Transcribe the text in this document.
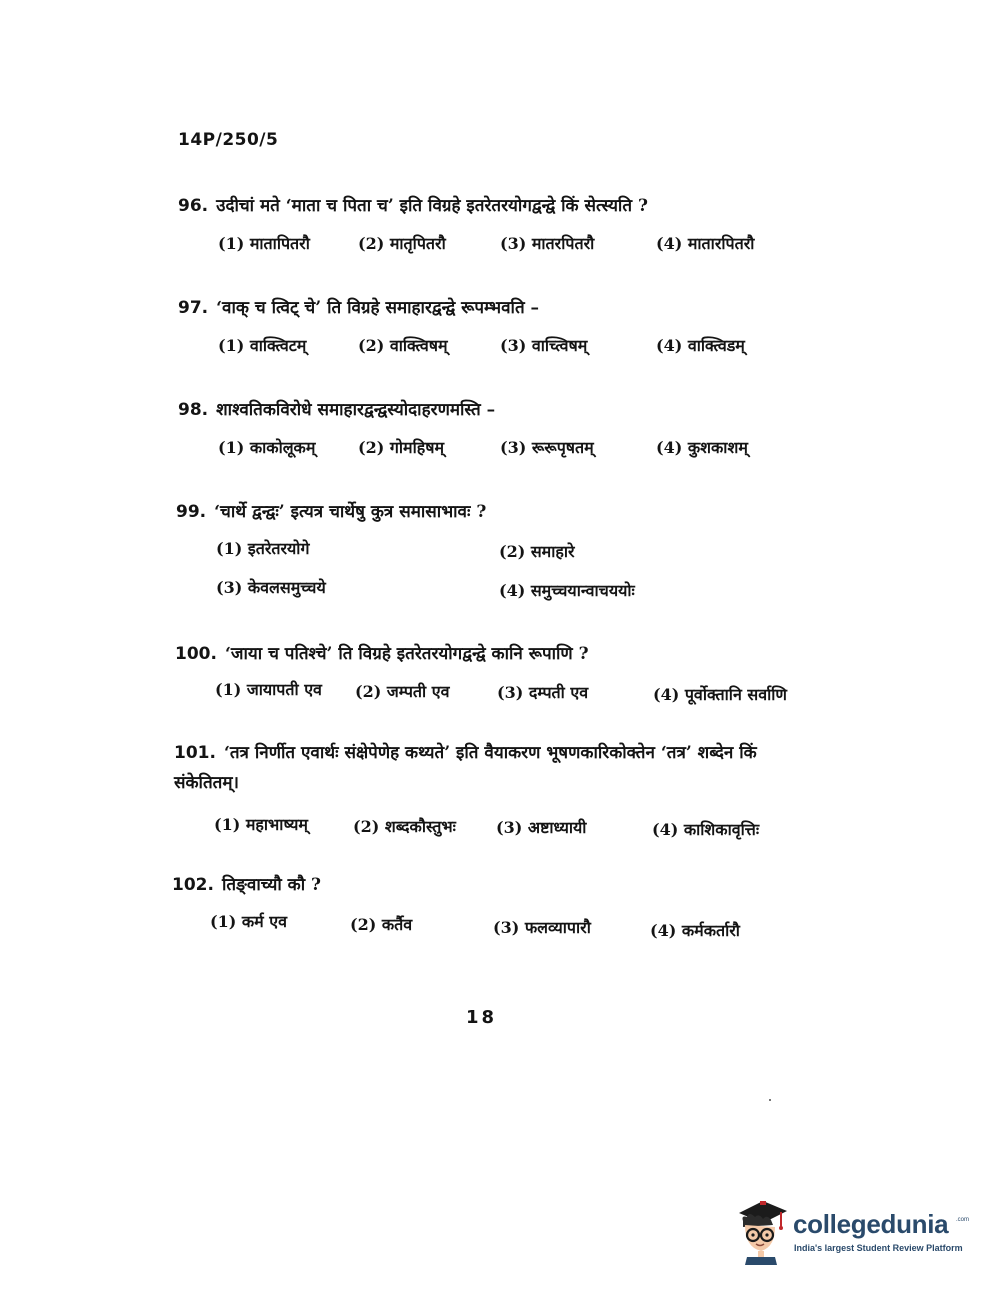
14P/250/5
96. उदीचां मते ‘माता च पिता च’ इति विग्रहे इतरेतरयोगद्वन्द्वे किं सेत्स्यति ?
(1) मातापितरौ	(2) मातृपितरौ	(3) मातरपितरौ	(4) मातारपितरौ
97. ‘वाक् च त्विट् चे’ ति विग्रहे समाहारद्वन्द्वे रूपम्भवति –
(1) वाक्त्विटम्	(2) वाक्त्विषम्	(3) वाच्त्विषम्	(4) वाक्त्विडम्
98. शाश्वतिकविरोधे समाहारद्वन्द्वस्योदाहरणमस्ति –
(1) काकोलूकम्	(2) गोमहिषम्	(3) रूरूपृषतम्	(4) कुशकाशम्
99. ‘चार्थे द्वन्द्वः’ इत्यत्र चार्थेषु कुत्र समासाभावः ?
(1) इतरेतरयोगे	(2) समाहारे
(3) केवलसमुच्चये	(4) समुच्चयान्वाचययोः
100. ‘जाया च पतिश्चे’ ति विग्रहे इतरेतरयोगद्वन्द्वे कानि रूपाणि ?
(1) जायापती एव (2) जम्पती एव	(3) दम्पती एव	(4) पूर्वोक्तानि सर्वाणि
101. ‘तत्र निर्णीत एवार्थः संक्षेपेणेह कथ्यते’ इति वैयाकरण भूषणकारिकोक्तेन ‘तत्र’ शब्देन किं संकेतितम्।
(1) महाभाष्यम्	(2) शब्दकौस्तुभः	(3) अष्टाध्यायी	(4) काशिकावृत्तिः
102. तिङ्वाच्यौ कौ ?
(1) कर्म एव	(2) कर्तैव	(3) फलव्यापारौ	(4) कर्मकर्तारौ
18
collegedunia .com
India's largest Student Review Platform
